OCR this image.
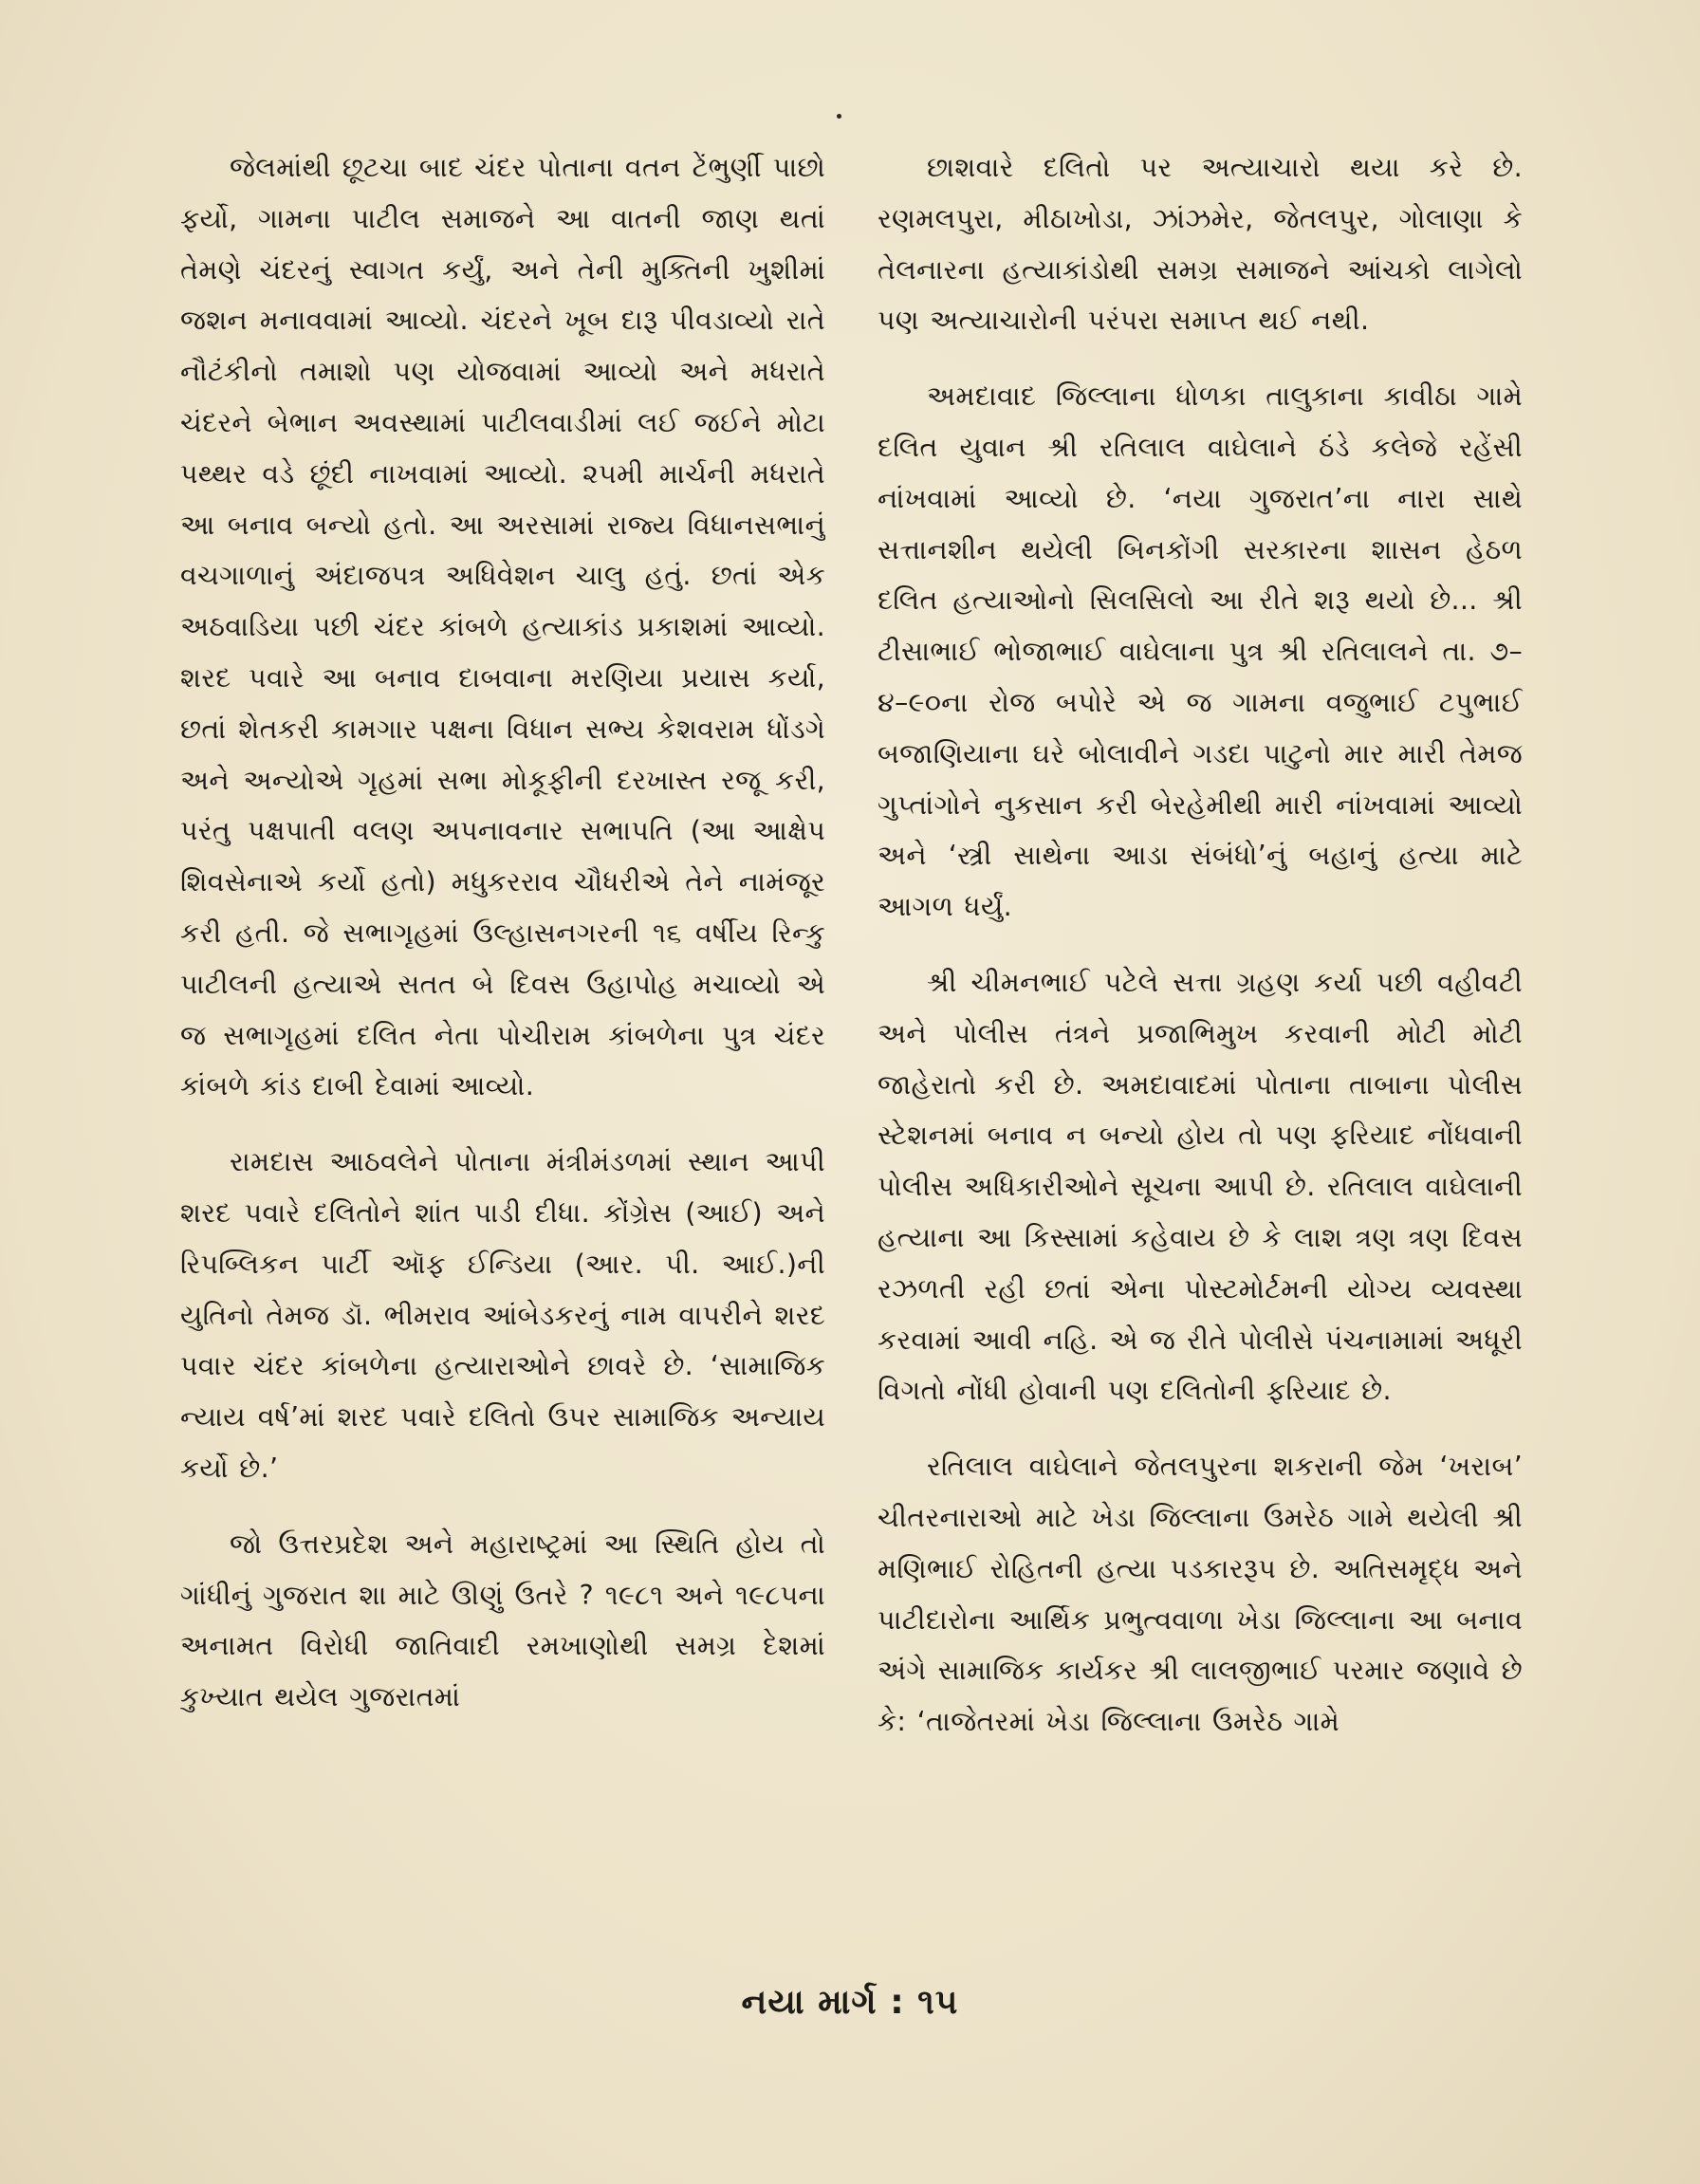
જેલમાંથી છૂટચા બાદ ચંદર પોતાના વતન ટેંભુર્ણી પાછો ફર્યો, ગામના પાટીલ સમાજને આ વાતની જાણ થતાં તેમણે ચંદરનું સ્વાગત કર્યું, અને તેની મુક્તિની ખુશીમાં જશન મનાવવામાં આવ્યો. ચંદરને ખૂબ દારૂ પીવડાવ્યો રાતે નૌટંકીનો તમાશો પણ યોજવામાં આવ્યો અને મધરાતે ચંદરને બેભાન અવસ્થામાં પાટીલવાડીમાં લઈ જઈને મોટા પથ્થર વડે છૂંદી નાખવામાં આવ્યો. ૨૫મી માર્ચની મધરાતે આ બનાવ બન્યો હતો. આ અરસામાં રાજ્ય વિધાનસભાનું વચગાળાનું અંદાજપત્ર અધિવેશન ચાલુ હતું. છતાં એક અઠવાડિયા પછી ચંદર કાંબળે હત્યાકાંડ પ્રકાશમાં આવ્યો. શરદ પવારે આ બનાવ દાબવાના મરણિયા પ્રયાસ કર્યા, છતાં શેતકરી કામગાર પક્ષના વિધાન સભ્ય કેશવરામ ધોંડગે અને અન્યોએ ગૃહમાં સભા મોકૂફીની દરખાસ્ત રજૂ કરી, પરંતુ પક્ષપાતી વલણ અપનાવનાર સભાપતિ (આ આક્ષેપ શિવસેનાએ કર્યો હતો) મધુકરરાવ ચૌધરીએ તેને નામંજૂર કરી હતી. જે સભાગૃહમાં ઉલ્હાસનગરની ૧૬ વર્ષીય રિન્કુ પાટીલની હત્યાએ સતત બે દિવસ ઉહાપોહ મચાવ્યો એ જ સભાગૃહમાં દલિત નેતા પોચીરામ કાંબળેના પુત્ર ચંદર કાંબળે કાંડ દાબી દેવામાં આવ્યો.

રામદાસ આઠવલેને પોતાના મંત્રીમંડળમાં સ્થાન આપી શરદ પવારે દલિતોને શાંત પાડી દીધા. કોંગ્રેસ (આઈ) અને રિપબ્લિકન પાર્ટી ઑફ ઈન્ડિયા (આર. પી. આઈ.)ની યુતિનો તેમજ ડૉ. ભીમરાવ આંબેડકરનું નામ વાપરીને શરદ પવાર ચંદર કાંબળેના હત્યારાઓને છાવરે છે. ‘સામાજિક ન્યાય વર્ષ’માં શરદ પવારે દલિતો ઉપર સામાજિક અન્યાય કર્યો છે.’

જો ઉત્તરપ્રદેશ અને મહારાષ્ટ્રમાં આ સ્થિતિ હોય તો ગાંધીનું ગુજરાત શા માટે ઊણું ઉતરે ? ૧૯૮૧ અને ૧૯૮૫ના અનામત વિરોધી જાતિવાદી રમખાણોથી સમગ્ર દેશમાં કુખ્યાત થયેલ ગુજરાતમાં

છાશવારે દલિતો પર અત્યાચારો થયા કરે છે. રણમલપુરા, મીઠાખોડા, ઝાંઝમેર, જેતલપુર, ગોલાણા કે તેલનારના હત્યાકાંડોથી સમગ્ર સમાજને આંચકો લાગેલો પણ અત્યાચારોની પરંપરા સમાપ્ત થઈ નથી.

અમદાવાદ જિલ્લાના ધોળકા તાલુકાના કાવીઠા ગામે દલિત યુવાન શ્રી રતિલાલ વાઘેલાને ઠંડે કલેજે રહેંસી નાંખવામાં આવ્યો છે. ‘નયા ગુજરાત’ના નારા સાથે સત્તાનશીન થયેલી બિનકોંગી સરકારના શાસન હેઠળ દલિત હત્યાઓનો સિલસિલો આ રીતે શરૂ થયો છે... શ્રી ટીસાભાઈ ભોજાભાઈ વાઘેલાના પુત્ર શ્રી રતિલાલને તા. ૭–૪–૯૦ના રોજ બપોરે એ જ ગામના વજુભાઈ ટપુભાઈ બજાણિયાના ઘરે બોલાવીને ગડદા પાટુનો માર મારી તેમજ ગુપ્તાંગોને નુકસાન કરી બેરહેમીથી મારી નાંખવામાં આવ્યો અને ‘સ્ત્રી સાથેના આડા સંબંધો’નું બહાનું હત્યા માટે આગળ ધર્યું.

શ્રી ચીમનભાઈ પટેલે સત્તા ગ્રહણ કર્યા પછી વહીવટી અને પોલીસ તંત્રને પ્રજાભિમુખ કરવાની મોટી મોટી જાહેરાતો કરી છે. અમદાવાદમાં પોતાના તાબાના પોલીસ સ્ટેશનમાં બનાવ ન બન્યો હોય તો પણ ફરિયાદ નોંધવાની પોલીસ અધિકારીઓને સૂચના આપી છે. રતિલાલ વાઘેલાની હત્યાના આ કિસ્સામાં કહેવાય છે કે લાશ ત્રણ ત્રણ દિવસ રઝળતી રહી છતાં એના પોસ્ટમોર્ટમની યોગ્ય વ્યવસ્થા કરવામાં આવી નહિ. એ જ રીતે પોલીસે પંચનામામાં અધૂરી વિગતો નોંધી હોવાની પણ દલિતોની ફરિયાદ છે.

રતિલાલ વાઘેલાને જેતલપુરના શકરાની જેમ ‘ખરાબ’ ચીતરનારાઓ માટે ખેડા જિલ્લાના ઉમરેઠ ગામે થયેલી શ્રી મણિભાઈ રોહિતની હત્યા પડકારરૂપ છે. અતિસમૃદ્ધ અને પાટીદારોના આર્થિક પ્રભુત્વવાળા ખેડા જિલ્લાના આ બનાવ અંગે સામાજિક કાર્યકર શ્રી લાલજીભાઈ પરમાર જણાવે છે કે: ‘તાજેતરમાં ખેડા જિલ્લાના ઉમરેઠ ગામે

નયા માર્ગ : ૧૫
